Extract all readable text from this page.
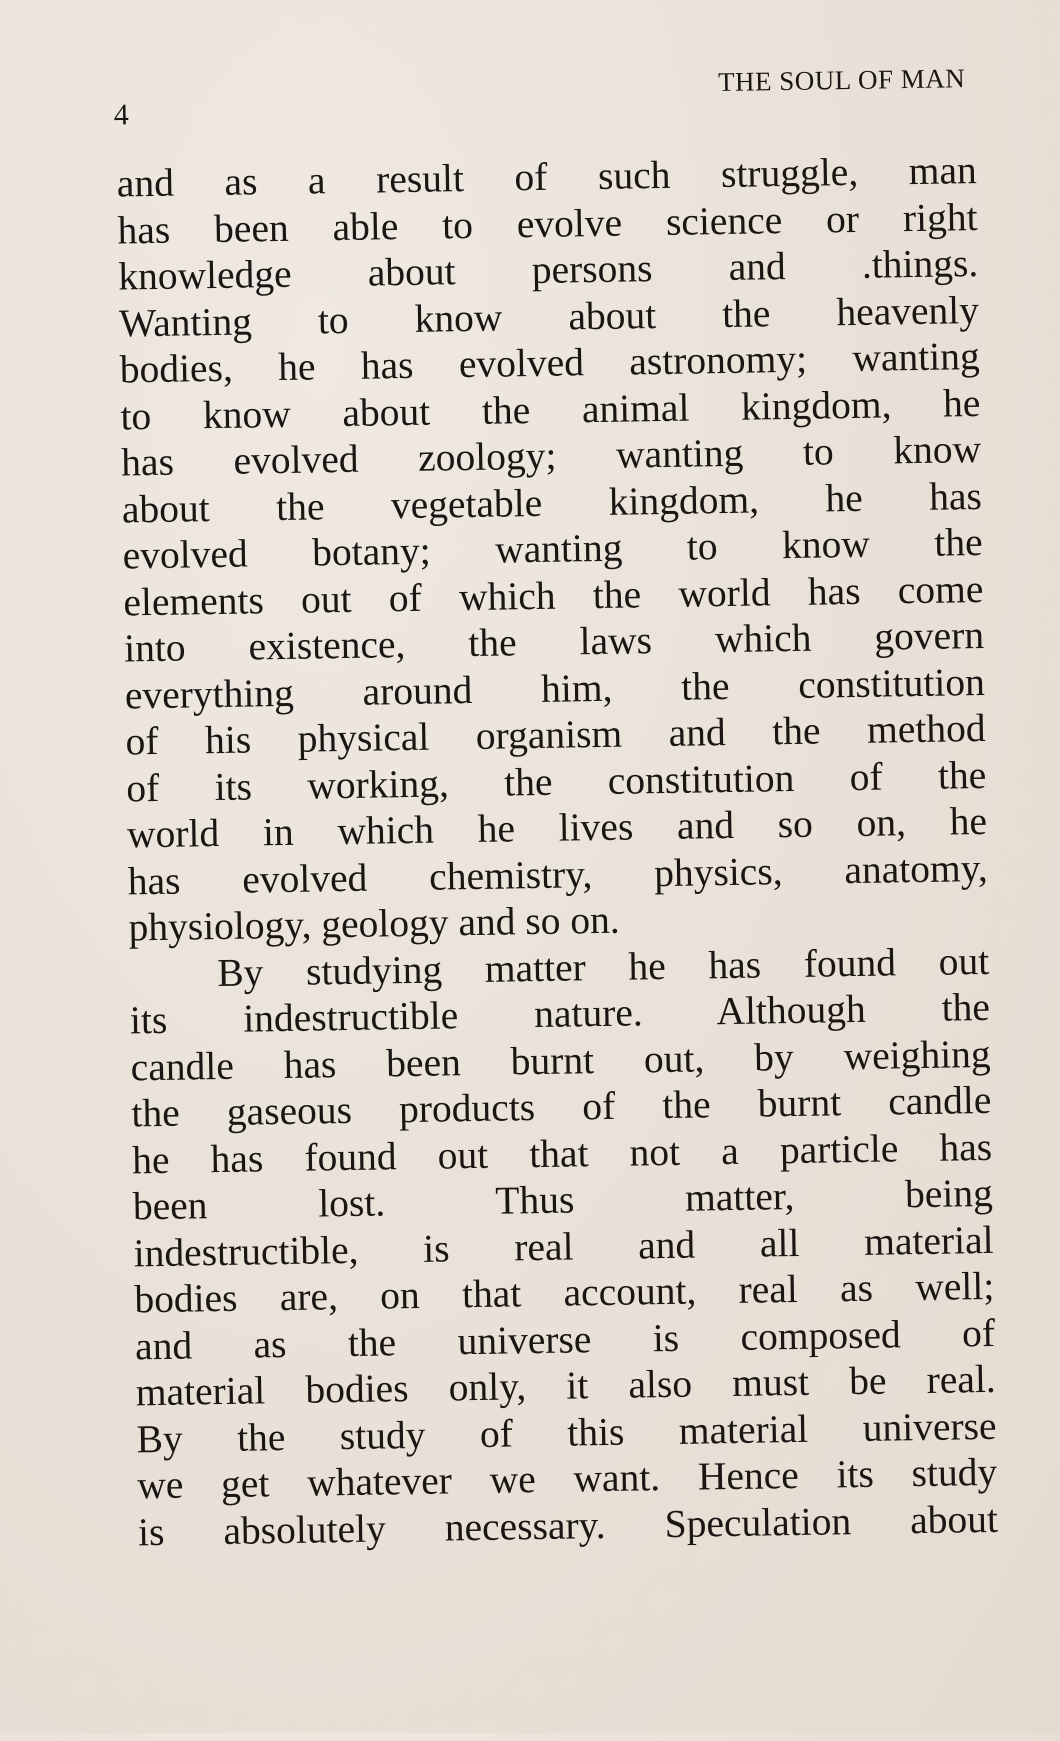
4
THE SOUL OF MAN
and as a result of such struggle, man
has been able to evolve science or right
knowledge about persons and .things.
Wanting to know about the heavenly
bodies, he has evolved astronomy; wanting
to know about the animal kingdom, he
has evolved zoology; wanting to know
about the vegetable kingdom, he has
evolved botany; wanting to know the
elements out of which the world has come
into existence, the laws which govern
everything around him, the constitution
of his physical organism and the method
of its working, the constitution of the
world in which he lives and so on, he
has evolved chemistry, physics, anatomy,
physiology, geology and so on.
By studying matter he has found out
its indestructible nature. Although the
candle has been burnt out, by weighing
the gaseous products of the burnt candle
he has found out that not a particle has
been lost. Thus matter, being
indestructible, is real and all material
bodies are, on that account, real as well;
and as the universe is composed of
material bodies only, it also must be real.
By the study of this material universe
we get whatever we want. Hence its study
is absolutely necessary. Speculation about
